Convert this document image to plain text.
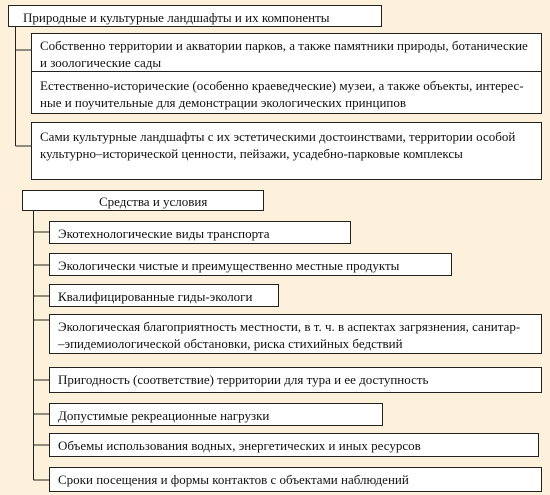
Природные и культурные ландшафты и их компоненты
Собственно территории и акватории парков, а также памятники природы, ботанические
и зоологические сады
Естественно-исторические (особенно краеведческие) музеи, а также объекты, интерес-
ные и поучительные для демонстрации экологических принципов
Сами культурные ландшафты с их эстетическими достоинствами, территории особой
культурно–исторической ценности, пейзажи, усадебно-парковые комплексы
Средства и условия
Экотехнологические виды транспорта
Экологически чистые и преимущественно местные продукты
Квалифицированные гиды-экологи
Экологическая благоприятность местности, в т. ч. в аспектах загрязнения, санитар-
–эпидемиологической обстановки, риска стихийных бедствий
Пригодность (соответствие) территории для тура и ее доступность
Допустимые рекреационные нагрузки
Объемы использования водных, энергетических и иных ресурсов
Сроки посещения и формы контактов с объектами наблюдений
